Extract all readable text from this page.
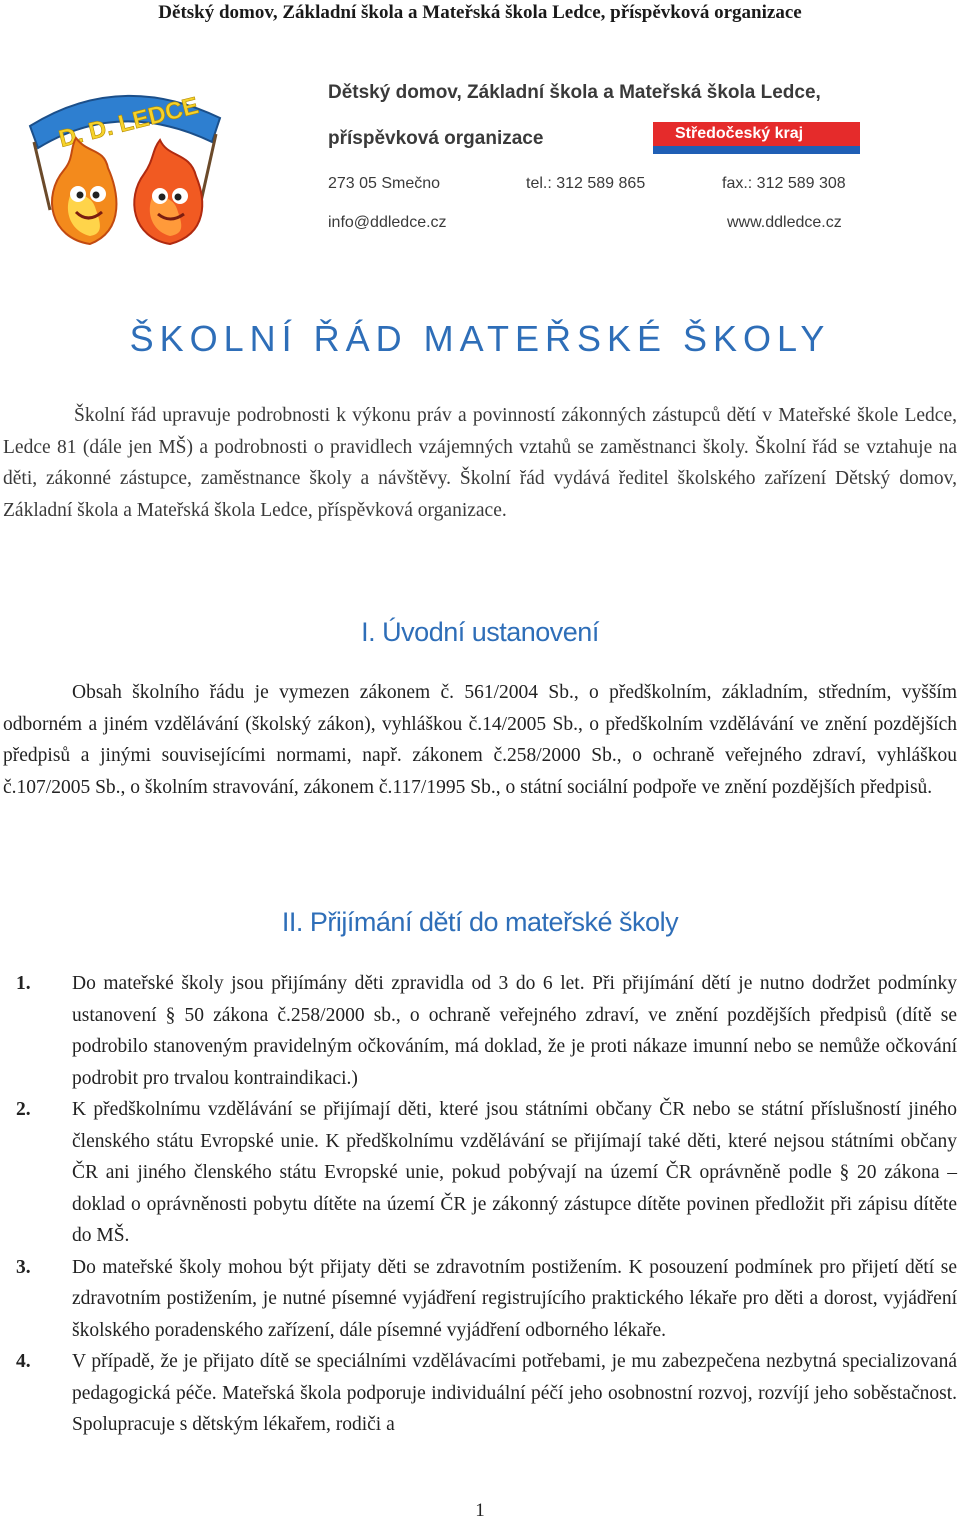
Dětský domov, Základní škola a Mateřská škola Ledce, příspěvková organizace
D. D. LEDCE	Dětský domov, Základní škola a Mateřská škola Ledce,
příspěvková organizace	Středočeský kraj
273 05 Smečno	tel.: 312 589 865	fax.: 312 589 308
info@ddledce.cz	www.ddledce.cz
ŠKOLNÍ ŘÁD MATEŘSKÉ ŠKOLY

Školní řád upravuje podrobnosti k výkonu práv a povinností zákonných zástupců dětí v Mateřské škole Ledce, Ledce 81 (dále jen MŠ) a podrobnosti o pravidlech vzájemných vztahů se zaměstnanci školy. Školní řád se vztahuje na děti, zákonné zástupce, zaměstnance školy a návštěvy. Školní řád vydává ředitel školského zařízení Dětský domov, Základní škola a Mateřská škola Ledce, příspěvková organizace.

I. Úvodní ustanovení

Obsah školního řádu je vymezen zákonem č. 561/2004 Sb., o předškolním, základním, středním, vyšším odborném a jiném vzdělávání (školský zákon), vyhláškou č.14/2005 Sb., o předškolním vzdělávání ve znění pozdějších předpisů a jinými souvisejícími normami, např. zákonem č.258/2000 Sb., o ochraně veřejného zdraví, vyhláškou č.107/2005 Sb., o školním stravování, zákonem č.117/1995 Sb., o státní sociální podpoře ve znění pozdějších předpisů.

II. Přijímání dětí do mateřské školy

1. Do mateřské školy jsou přijímány děti zpravidla od 3 do 6 let. Při přijímání dětí je nutno dodržet podmínky ustanovení § 50 zákona č.258/2000 sb., o ochraně veřejného zdraví, ve znění pozdějších předpisů (dítě se podrobilo stanoveným pravidelným očkováním, má doklad, že je proti nákaze imunní nebo se nemůže očkování podrobit pro trvalou kontraindikaci.)

2. K předškolnímu vzdělávání se přijímají děti, které jsou státními občany ČR nebo se státní příslušností jiného členského státu Evropské unie. K předškolnímu vzdělávání se přijímají také děti, které nejsou státními občany ČR ani jiného členského státu Evropské unie, pokud pobývají na území ČR oprávněně podle § 20 zákona – doklad o oprávněnosti pobytu dítěte na území ČR je zákonný zástupce dítěte povinen předložit při zápisu dítěte do MŠ.

3. Do mateřské školy mohou být přijaty děti se zdravotním postižením. K posouzení podmínek pro přijetí dětí se zdravotním postižením, je nutné písemné vyjádření registrujícího praktického lékaře pro děti a dorost, vyjádření školského poradenského zařízení, dále písemné vyjádření odborného lékaře.

4. V případě, že je přijato dítě se speciálními vzdělávacími potřebami, je mu zabezpečena nezbytná specializovaná pedagogická péče. Mateřská škola podporuje individuální péčí jeho osobnostní rozvoj, rozvíjí jeho soběstačnost. Spolupracuje s dětským lékařem, rodiči a

1
